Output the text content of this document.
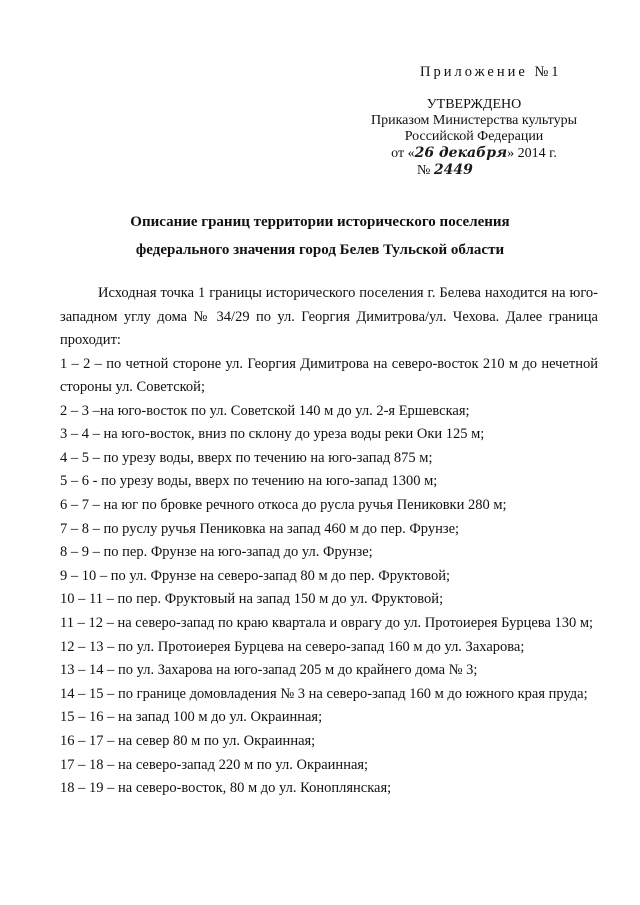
Приложение №1
УТВЕРЖДЕНО
Приказом Министерства культуры
Российской Федерации
от «26 декабря» 2014 г.
№ 2449
Описание границ территории исторического поселения
федерального значения город Белев Тульской области

Исходная точка 1 границы исторического поселения г. Белева находится на юго-западном углу дома № 34/29 по ул. Георгия Димитрова/ул. Чехова. Далее граница проходит:

1 – 2 – по четной стороне ул. Георгия Димитрова на северо-восток 210 м до нечетной стороны ул. Советской;

2 – 3 –на юго-восток по ул. Советской 140 м до ул. 2-я Ершевская;

3 – 4 – на юго-восток, вниз по склону до уреза воды реки Оки 125 м;

4 – 5 – по урезу воды, вверх по течению на юго-запад 875 м;

5 – 6 - по урезу воды, вверх по течению на юго-запад 1300 м;

6 – 7 – на юг по бровке речного откоса до русла ручья Пениковки 280 м;

7 – 8 – по руслу ручья Пениковка на запад 460 м до пер. Фрунзе;

8 – 9 – по пер. Фрунзе на юго-запад до ул. Фрунзе;

9 – 10 – по ул. Фрунзе на северо-запад 80 м до пер. Фруктовой;

10 – 11 – по пер. Фруктовый на запад 150 м до ул. Фруктовой;

11 – 12 – на северо-запад по краю квартала и оврагу до ул. Протоиерея Бурцева 130 м;

12 – 13 – по ул. Протоиерея Бурцева на северо-запад 160 м до ул. Захарова;

13 – 14 – по ул. Захарова на юго-запад 205 м до крайнего дома № 3;

14 – 15 – по границе домовладения № 3 на северо-запад 160 м до южного края пруда;

15 – 16 – на запад 100 м до ул. Окраинная;

16 – 17 – на север 80 м по ул. Окраинная;

17 – 18 – на северо-запад 220 м по ул. Окраинная;

18 – 19 – на северо-восток, 80 м до ул. Коноплянская;
